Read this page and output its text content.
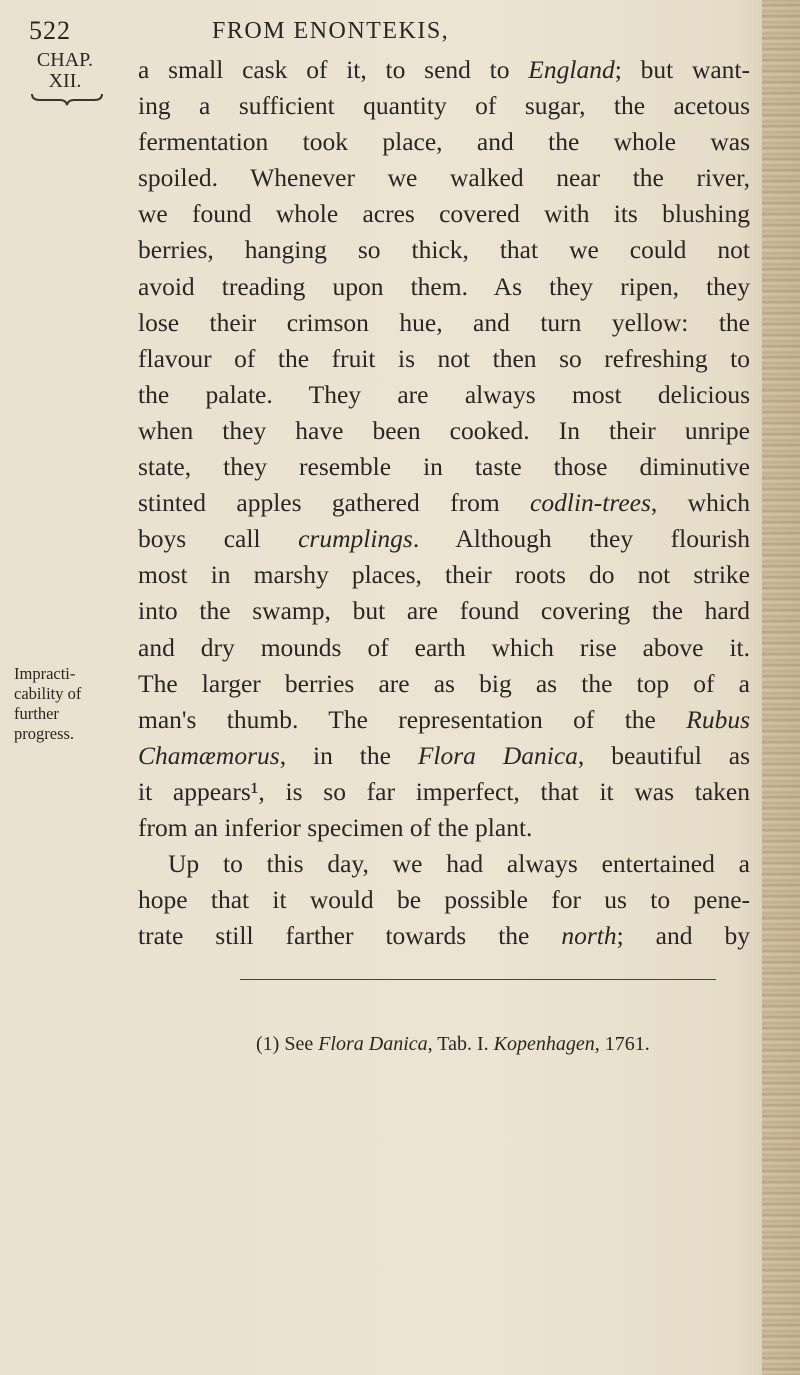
522	FROM ENONTEKIS,
CHAP.
XII.	a small cask of it, to send to England; but want-
ing a sufficient quantity of sugar, the acetous
fermentation took place, and the whole was
spoiled. Whenever we walked near the river,
we found whole acres covered with its blushing
berries, hanging so thick, that we could not
avoid treading upon them. As they ripen, they
lose their crimson hue, and turn yellow: the
flavour of the fruit is not then so refreshing to
the palate. They are always most delicious
when they have been cooked. In their unripe
state, they resemble in taste those diminutive
stinted apples gathered from codlin-trees, which
boys call crumplings. Although they flourish
most in marshy places, their roots do not strike
into the swamp, but are found covering the hard
and dry mounds of earth which rise above it.
The larger berries are as big as the top of a
man's thumb. The representation of the Rubus
Chamæmorus, in the Flora Danica, beautiful as
it appears¹, is so far imperfect, that it was taken
from an inferior specimen of the plant.
Up to this day, we had always entertained a
hope that it would be possible for us to pene-
trate still farther towards the north; and by
Impracti-
cability of
further
progress.
(1) See Flora Danica, Tab. I. Kopenhagen, 1761.
